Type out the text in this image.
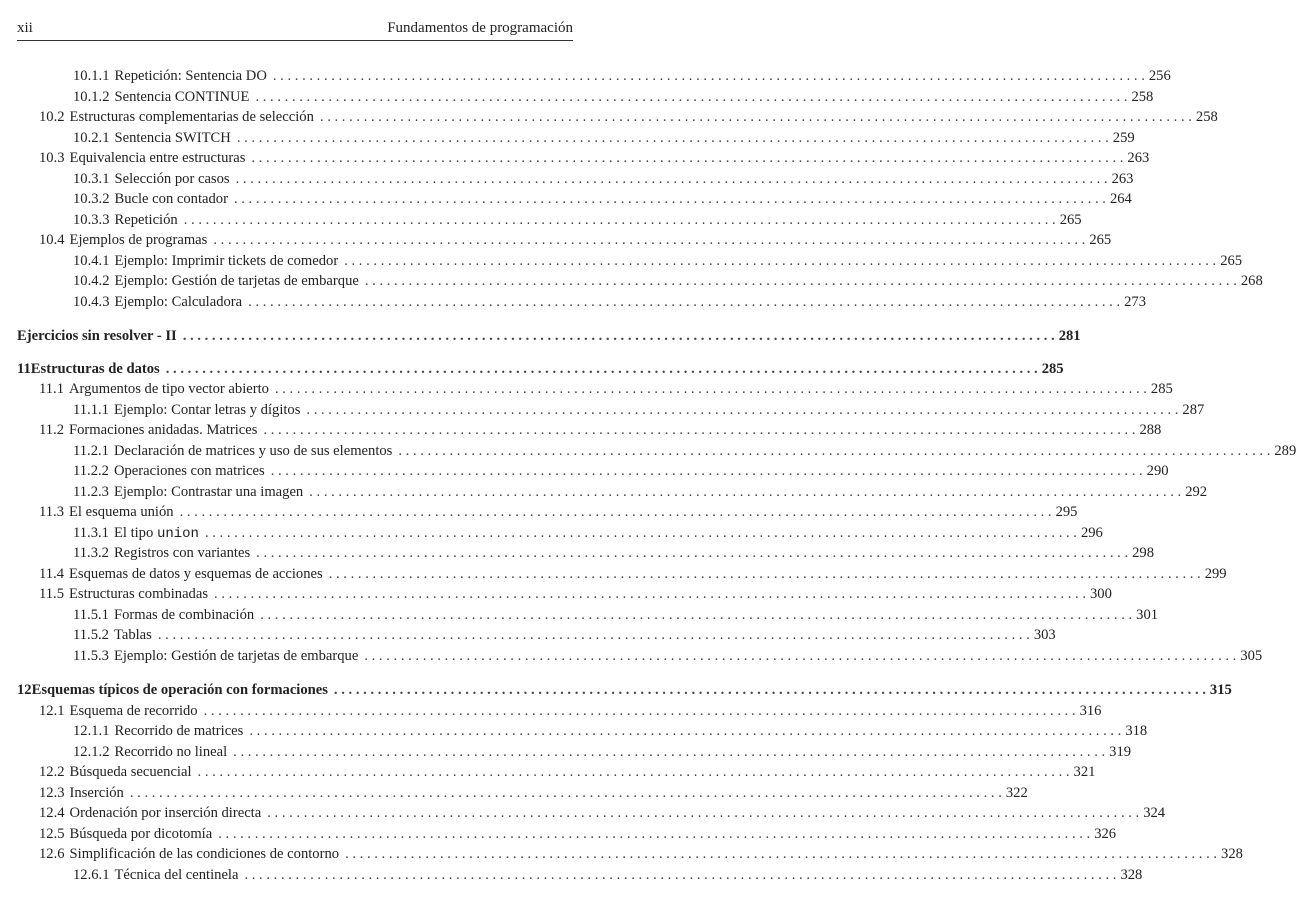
xii	Fundamentos de programación
10.1.1 Repetición: Sentencia DO . . . . . . . . . . . . . . . . . . . . . . . . . . . . . . . . . . . . . . . . . . . . . . . . . . . . . . . . . . . . . . . . . . . . . . . . . . . . . . . . . . . . . . . . . . . . . . . . . . . . . . . . . . . . . . . . . . . . . . . . 256
10.1.2 Sentencia CONTINUE . . . . . . . . . . . . . . . . . . . . . . . . . . . . . . . . . . . . . . . . . . . . . . . . . . . . . . . . . . . . . . . . . . . . . . . . . . . . . . . . . . . . . . . . . . . . . . . . . . . . . . . . . . . . . . . . . . . . . . . . 258
10.2 Estructuras complementarias de selección . . . . . . . . . . . . . . . . . . . . . . . . . . . . . . . . . . . . . . . . . . . . . . . . . . . . . . . . . . . . . . . . . . . . . . . . . . . . . . . . . . . . . . . . . . . . . . . . . . . . . . . . . . . . . . . . . . . . . . . . 258
10.2.1 Sentencia SWITCH . . . . . . . . . . . . . . . . . . . . . . . . . . . . . . . . . . . . . . . . . . . . . . . . . . . . . . . . . . . . . . . . . . . . . . . . . . . . . . . . . . . . . . . . . . . . . . . . . . . . . . . . . . . . . . . . . . . . . . . . 259
10.3 Equivalencia entre estructuras . . . . . . . . . . . . . . . . . . . . . . . . . . . . . . . . . . . . . . . . . . . . . . . . . . . . . . . . . . . . . . . . . . . . . . . . . . . . . . . . . . . . . . . . . . . . . . . . . . . . . . . . . . . . . . . . . . . . . . . . 263
10.3.1 Selección por casos . . . . . . . . . . . . . . . . . . . . . . . . . . . . . . . . . . . . . . . . . . . . . . . . . . . . . . . . . . . . . . . . . . . . . . . . . . . . . . . . . . . . . . . . . . . . . . . . . . . . . . . . . . . . . . . . . . . . . . . . 263
10.3.2 Bucle con contador . . . . . . . . . . . . . . . . . . . . . . . . . . . . . . . . . . . . . . . . . . . . . . . . . . . . . . . . . . . . . . . . . . . . . . . . . . . . . . . . . . . . . . . . . . . . . . . . . . . . . . . . . . . . . . . . . . . . . . . . 264
10.3.3 Repetición . . . . . . . . . . . . . . . . . . . . . . . . . . . . . . . . . . . . . . . . . . . . . . . . . . . . . . . . . . . . . . . . . . . . . . . . . . . . . . . . . . . . . . . . . . . . . . . . . . . . . . . . . . . . . . . . . . . . . . . . 265
10.4 Ejemplos de programas . . . . . . . . . . . . . . . . . . . . . . . . . . . . . . . . . . . . . . . . . . . . . . . . . . . . . . . . . . . . . . . . . . . . . . . . . . . . . . . . . . . . . . . . . . . . . . . . . . . . . . . . . . . . . . . . . . . . . . . . 265
10.4.1 Ejemplo: Imprimir tickets de comedor . . . . . . . . . . . . . . . . . . . . . . . . . . . . . . . . . . . . . . . . . . . . . . . . . . . . . . . . . . . . . . . . . . . . . . . . . . . . . . . . . . . . . . . . . . . . . . . . . . . . . . . . . . . . . . . . . . . . . . . . 265
10.4.2 Ejemplo: Gestión de tarjetas de embarque . . . . . . . . . . . . . . . . . . . . . . . . . . . . . . . . . . . . . . . . . . . . . . . . . . . . . . . . . . . . . . . . . . . . . . . . . . . . . . . . . . . . . . . . . . . . . . . . . . . . . . . . . . . . . . . . . . . . . . . . 268
10.4.3 Ejemplo: Calculadora . . . . . . . . . . . . . . . . . . . . . . . . . . . . . . . . . . . . . . . . . . . . . . . . . . . . . . . . . . . . . . . . . . . . . . . . . . . . . . . . . . . . . . . . . . . . . . . . . . . . . . . . . . . . . . . . . . . . . . . . 273
Ejercicios sin resolver - II . . . . . . . . . . . . . . . . . . . . . . . . . . . . . . . . . . . . . . . . . . . . . . . . . . . . . . . . . . . . . . . . . . . . . . . . . . . . . . . . . . . . . . . . . . . . . . . . . . . . . . . . . . . . . . . . . . . . . . . . 281
11 Estructuras de datos . . . . . . . . . . . . . . . . . . . . . . . . . . . . . . . . . . . . . . . . . . . . . . . . . . . . . . . . . . . . . . . . . . . . . . . . . . . . . . . . . . . . . . . . . . . . . . . . . . . . . . . . . . . . . . . . . . . . . . . . 285
11.1 Argumentos de tipo vector abierto . . . . . . . . . . . . . . . . . . . . . . . . . . . . . . . . . . . . . . . . . . . . . . . . . . . . . . . . . . . . . . . . . . . . . . . . . . . . . . . . . . . . . . . . . . . . . . . . . . . . . . . . . . . . . . . . . . . . . . . . 285
11.1.1 Ejemplo: Contar letras y dígitos . . . . . . . . . . . . . . . . . . . . . . . . . . . . . . . . . . . . . . . . . . . . . . . . . . . . . . . . . . . . . . . . . . . . . . . . . . . . . . . . . . . . . . . . . . . . . . . . . . . . . . . . . . . . . . . . . . . . . . . . 287
11.2 Formaciones anidadas. Matrices . . . . . . . . . . . . . . . . . . . . . . . . . . . . . . . . . . . . . . . . . . . . . . . . . . . . . . . . . . . . . . . . . . . . . . . . . . . . . . . . . . . . . . . . . . . . . . . . . . . . . . . . . . . . . . . . . . . . . . . . 288
11.2.1 Declaración de matrices y uso de sus elementos . . . . . . . . . . . . . . . . . . . . . . . . . . . . . . . . . . . . . . . . . . . . . . . . . . . . . . . . . . . . . . . . . . . . . . . . . . . . . . . . . . . . . . . . . . . . . . . . . . . . . . . . . . . . . . . . . . . . . . . . 289
11.2.2 Operaciones con matrices . . . . . . . . . . . . . . . . . . . . . . . . . . . . . . . . . . . . . . . . . . . . . . . . . . . . . . . . . . . . . . . . . . . . . . . . . . . . . . . . . . . . . . . . . . . . . . . . . . . . . . . . . . . . . . . . . . . . . . . . 290
11.2.3 Ejemplo: Contrastar una imagen . . . . . . . . . . . . . . . . . . . . . . . . . . . . . . . . . . . . . . . . . . . . . . . . . . . . . . . . . . . . . . . . . . . . . . . . . . . . . . . . . . . . . . . . . . . . . . . . . . . . . . . . . . . . . . . . . . . . . . . . 292
11.3 El esquema unión . . . . . . . . . . . . . . . . . . . . . . . . . . . . . . . . . . . . . . . . . . . . . . . . . . . . . . . . . . . . . . . . . . . . . . . . . . . . . . . . . . . . . . . . . . . . . . . . . . . . . . . . . . . . . . . . . . . . . . . . 295
11.3.1 El tipo union . . . . . . . . . . . . . . . . . . . . . . . . . . . . . . . . . . . . . . . . . . . . . . . . . . . . . . . . . . . . . . . . . . . . . . . . . . . . . . . . . . . . . . . . . . . . . . . . . . . . . . . . . . . . . . . . . . . . . . . . 296
11.3.2 Registros con variantes . . . . . . . . . . . . . . . . . . . . . . . . . . . . . . . . . . . . . . . . . . . . . . . . . . . . . . . . . . . . . . . . . . . . . . . . . . . . . . . . . . . . . . . . . . . . . . . . . . . . . . . . . . . . . . . . . . . . . . . . 298
11.4 Esquemas de datos y esquemas de acciones . . . . . . . . . . . . . . . . . . . . . . . . . . . . . . . . . . . . . . . . . . . . . . . . . . . . . . . . . . . . . . . . . . . . . . . . . . . . . . . . . . . . . . . . . . . . . . . . . . . . . . . . . . . . . . . . . . . . . . . . 299
11.5 Estructuras combinadas . . . . . . . . . . . . . . . . . . . . . . . . . . . . . . . . . . . . . . . . . . . . . . . . . . . . . . . . . . . . . . . . . . . . . . . . . . . . . . . . . . . . . . . . . . . . . . . . . . . . . . . . . . . . . . . . . . . . . . . . 300
11.5.1 Formas de combinación . . . . . . . . . . . . . . . . . . . . . . . . . . . . . . . . . . . . . . . . . . . . . . . . . . . . . . . . . . . . . . . . . . . . . . . . . . . . . . . . . . . . . . . . . . . . . . . . . . . . . . . . . . . . . . . . . . . . . . . . 301
11.5.2 Tablas . . . . . . . . . . . . . . . . . . . . . . . . . . . . . . . . . . . . . . . . . . . . . . . . . . . . . . . . . . . . . . . . . . . . . . . . . . . . . . . . . . . . . . . . . . . . . . . . . . . . . . . . . . . . . . . . . . . . . . . . 303
11.5.3 Ejemplo: Gestión de tarjetas de embarque . . . . . . . . . . . . . . . . . . . . . . . . . . . . . . . . . . . . . . . . . . . . . . . . . . . . . . . . . . . . . . . . . . . . . . . . . . . . . . . . . . . . . . . . . . . . . . . . . . . . . . . . . . . . . . . . . . . . . . . . 305
12 Esquemas típicos de operación con formaciones . . . . . . . . . . . . . . . . . . . . . . . . . . . . . . . . . . . . . . . . . . . . . . . . . . . . . . . . . . . . . . . . . . . . . . . . . . . . . . . . . . . . . . . . . . . . . . . . . . . . . . . . . . . . . . . . . . . . . . . . 315
12.1 Esquema de recorrido . . . . . . . . . . . . . . . . . . . . . . . . . . . . . . . . . . . . . . . . . . . . . . . . . . . . . . . . . . . . . . . . . . . . . . . . . . . . . . . . . . . . . . . . . . . . . . . . . . . . . . . . . . . . . . . . . . . . . . . . 316
12.1.1 Recorrido de matrices . . . . . . . . . . . . . . . . . . . . . . . . . . . . . . . . . . . . . . . . . . . . . . . . . . . . . . . . . . . . . . . . . . . . . . . . . . . . . . . . . . . . . . . . . . . . . . . . . . . . . . . . . . . . . . . . . . . . . . . . 318
12.1.2 Recorrido no lineal . . . . . . . . . . . . . . . . . . . . . . . . . . . . . . . . . . . . . . . . . . . . . . . . . . . . . . . . . . . . . . . . . . . . . . . . . . . . . . . . . . . . . . . . . . . . . . . . . . . . . . . . . . . . . . . . . . . . . . . . 319
12.2 Búsqueda secuencial . . . . . . . . . . . . . . . . . . . . . . . . . . . . . . . . . . . . . . . . . . . . . . . . . . . . . . . . . . . . . . . . . . . . . . . . . . . . . . . . . . . . . . . . . . . . . . . . . . . . . . . . . . . . . . . . . . . . . . . . 321
12.3 Inserción . . . . . . . . . . . . . . . . . . . . . . . . . . . . . . . . . . . . . . . . . . . . . . . . . . . . . . . . . . . . . . . . . . . . . . . . . . . . . . . . . . . . . . . . . . . . . . . . . . . . . . . . . . . . . . . . . . . . . . . . 322
12.4 Ordenación por inserción directa . . . . . . . . . . . . . . . . . . . . . . . . . . . . . . . . . . . . . . . . . . . . . . . . . . . . . . . . . . . . . . . . . . . . . . . . . . . . . . . . . . . . . . . . . . . . . . . . . . . . . . . . . . . . . . . . . . . . . . . . 324
12.5 Búsqueda por dicotomía . . . . . . . . . . . . . . . . . . . . . . . . . . . . . . . . . . . . . . . . . . . . . . . . . . . . . . . . . . . . . . . . . . . . . . . . . . . . . . . . . . . . . . . . . . . . . . . . . . . . . . . . . . . . . . . . . . . . . . . . 326
12.6 Simplificación de las condiciones de contorno . . . . . . . . . . . . . . . . . . . . . . . . . . . . . . . . . . . . . . . . . . . . . . . . . . . . . . . . . . . . . . . . . . . . . . . . . . . . . . . . . . . . . . . . . . . . . . . . . . . . . . . . . . . . . . . . . . . . . . . . 328
12.6.1 Técnica del centinela . . . . . . . . . . . . . . . . . . . . . . . . . . . . . . . . . . . . . . . . . . . . . . . . . . . . . . . . . . . . . . . . . . . . . . . . . . . . . . . . . . . . . . . . . . . . . . . . . . . . . . . . . . . . . . . . . . . . . . . . 328
